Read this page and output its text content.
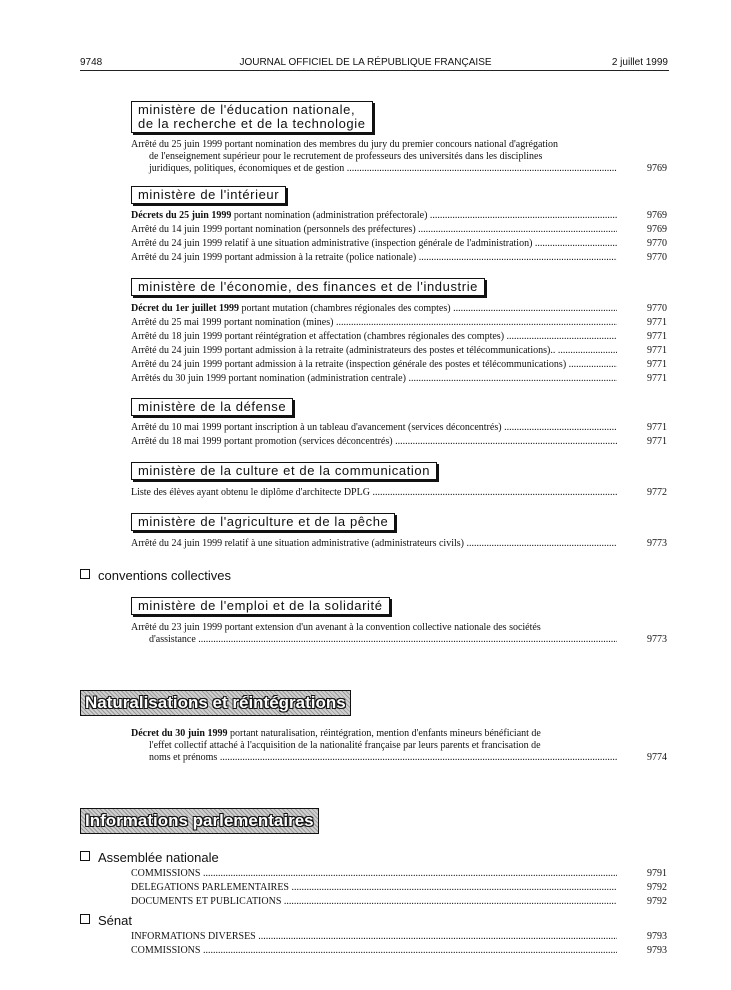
9748	JOURNAL OFFICIEL DE LA RÉPUBLIQUE FRANÇAISE	2 juillet 1999
ministère de l'éducation nationale,
de la recherche et de la technologie
Arrêté du 25 juin 1999 portant nomination des membres du jury du premier concours national d'agrégation
de l'enseignement supérieur pour le recrutement de professeurs des universités dans les disciplines
juridiques, politiques, économiques et de gestion .....	9769
ministère de l'intérieur
Décrets du 25 juin 1999 portant nomination (administration préfectorale) .....	9769
Arrêté du 14 juin 1999 portant nomination (personnels des préfectures) .....	9769
Arrêté du 24 juin 1999 relatif à une situation administrative (inspection générale de l'administration) .....	9770
Arrêté du 24 juin 1999 portant admission à la retraite (police nationale) .....	9770
ministère de l'économie, des finances et de l'industrie
Décret du 1er juillet 1999 portant mutation (chambres régionales des comptes) .....	9770
Arrêté du 25 mai 1999 portant nomination (mines) .....	9771
Arrêté du 18 juin 1999 portant réintégration et affectation (chambres régionales des comptes) .....	9771
Arrêté du 24 juin 1999 portant admission à la retraite (administrateurs des postes et télécommunications).. .....	9771
Arrêté du 24 juin 1999 portant admission à la retraite (inspection générale des postes et télécommunications) .....	9771
Arrêtés du 30 juin 1999 portant nomination (administration centrale) .....	9771
ministère de la défense
Arrêté du 10 mai 1999 portant inscription à un tableau d'avancement (services déconcentrés) .....	9771
Arrêté du 18 mai 1999 portant promotion (services déconcentrés) .....	9771
ministère de la culture et de la communication
Liste des élèves ayant obtenu le diplôme d'architecte DPLG .....	9772
ministère de l'agriculture et de la pêche
Arrêté du 24 juin 1999 relatif à une situation administrative (administrateurs civils) .....	9773
conventions collectives
ministère de l'emploi et de la solidarité
Arrêté du 23 juin 1999 portant extension d'un avenant à la convention collective nationale des sociétés
d'assistance .....	9773
Naturalisations et réintégrations
Décret du 30 juin 1999 portant naturalisation, réintégration, mention d'enfants mineurs bénéficiant de
l'effet collectif attaché à l'acquisition de la nationalité française par leurs parents et francisation de
noms et prénoms .....	9774
Informations parlementaires
Assemblée nationale
COMMISSIONS .....	9791
DÉLÉGATIONS PARLEMENTAIRES .....	9792
DOCUMENTS ET PUBLICATIONS .....	9792
Sénat
INFORMATIONS DIVERSES .....	9793
COMMISSIONS .....	9793
